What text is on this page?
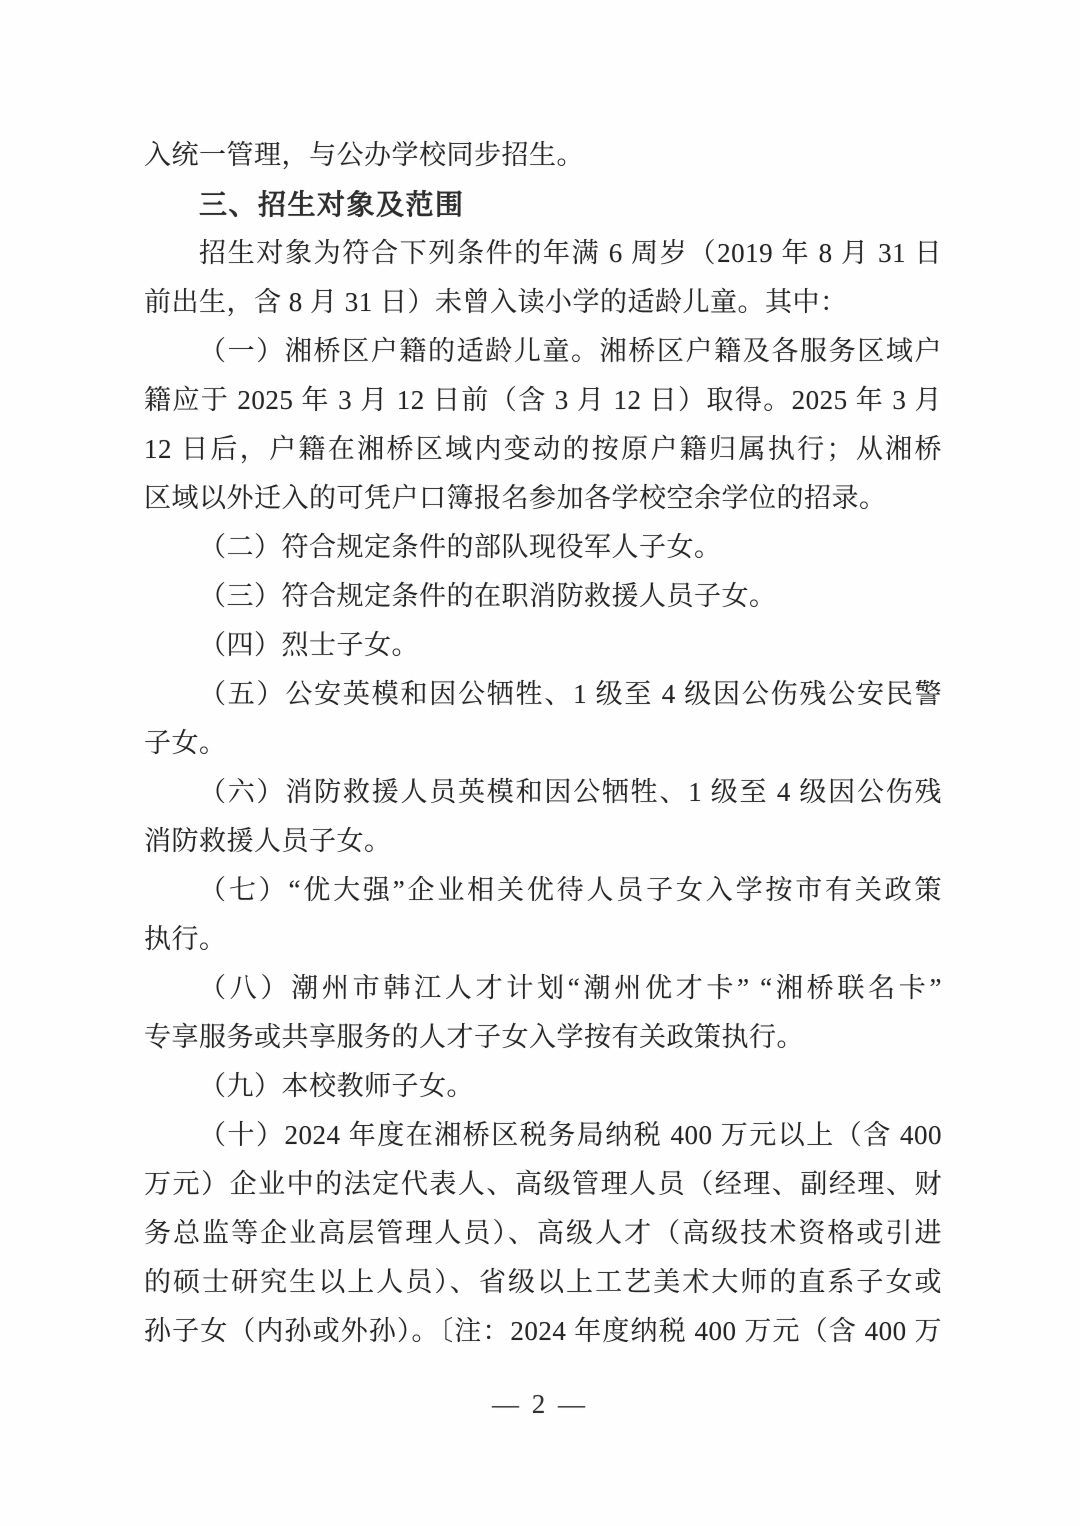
入统一管理，与公办学校同步招生。
三、招生对象及范围
招生对象为符合下列条件的年满 6 周岁（2019 年 8 月 31 日
前出生，含 8 月 31 日）未曾入读小学的适龄儿童。其中：
（一）湘桥区户籍的适龄儿童。湘桥区户籍及各服务区域户
籍应于 2025 年 3 月 12 日前（含 3 月 12 日）取得。2025 年 3 月
12 日后，户籍在湘桥区域内变动的按原户籍归属执行；从湘桥
区域以外迁入的可凭户口簿报名参加各学校空余学位的招录。
（二）符合规定条件的部队现役军人子女。
（三）符合规定条件的在职消防救援人员子女。
（四）烈士子女。
（五）公安英模和因公牺牲、1 级至 4 级因公伤残公安民警
子女。
（六）消防救援人员英模和因公牺牲、1 级至 4 级因公伤残
消防救援人员子女。
（七）“优大强”企业相关优待人员子女入学按市有关政策
执行。
（八）潮州市韩江人才计划“潮州优才卡” “湘桥联名卡”
专享服务或共享服务的人才子女入学按有关政策执行。
（九）本校教师子女。
（十）2024 年度在湘桥区税务局纳税 400 万元以上（含 400
万元）企业中的法定代表人、高级管理人员（经理、副经理、财
务总监等企业高层管理人员）、高级人才（高级技术资格或引进
的硕士研究生以上人员）、省级以上工艺美术大师的直系子女或
孙子女（内孙或外孙）。〔注：2024 年度纳税 400 万元（含 400 万
— 2 —
